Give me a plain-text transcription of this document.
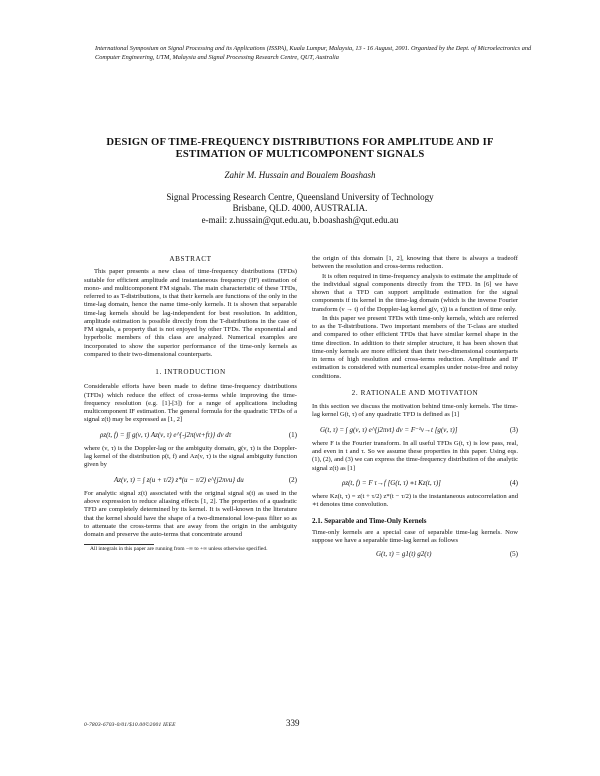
International Symposium on Signal Processing and its Applications (ISSPA), Kuala Lumpur, Malaysia, 13 - 16 August, 2001. Organized by the Dept. of Microelectronics and Computer Engineering, UTM, Malaysia and Signal Processing Research Centre, QUT, Australia
DESIGN OF TIME-FREQUENCY DISTRIBUTIONS FOR AMPLITUDE AND IF
ESTIMATION OF MULTICOMPONENT SIGNALS
Zahir M. Hussain and Boualem Boashash
Signal Processing Research Centre, Queensland University of Technology
Brisbane, QLD. 4000, AUSTRALIA.
e-mail: z.hussain@qut.edu.au, b.boashash@qut.edu.au
ABSTRACT

This paper presents a new class of time-frequency distributions (TFDs) suitable for efficient amplitude and instantaneous frequency (IF) estimation of mono- and multicomponent FM signals. The main characteristic of these TFDs, referred to as T-distributions, is that their kernels are functions of the only in the time-lag domain, hence the name time-only kernels. It is shown that separable time-lag kernels should be lag-independent for best resolution. In addition, amplitude estimation is possible directly from the T-distributions in the case of FM signals, a property that is not enjoyed by other TFDs. The exponential and hyperbolic members of this class are analyzed. Numerical examples are incorporated to show the superior performance of the time-only kernels as compared to their two-dimensional counterparts.

1. INTRODUCTION

Considerable efforts have been made to define time-frequency distributions (TFDs) which reduce the effect of cross-terms while improving the time-frequency resolution (e.g. [1]-[3]) for a range of applications including multicomponent IF estimation. The general formula for the quadratic TFDs of a signal z(t) may be expressed as [1, 2]

ρz(t, f) = ∫∫ g(ν, τ) Az(ν, τ) e^{-j2π(νt+fτ)} dν dτ	(1)

where (ν, τ) is the Doppler-lag or the ambiguity domain, g(ν, τ) is the Doppler-lag kernel of the distribution ρ(t, f) and Az(ν, τ) is the signal ambiguity function given by

Az(ν, τ) = ∫ z(u + τ/2) z*(u − τ/2) e^{j2πνu} du	(2)

For analytic signal z(t) associated with the original signal s(t) as used in the above expression to reduce aliasing effects [1, 2]. The properties of a quadratic TFD are completely determined by its kernel. It is well-known in the literature that the kernel should have the shape of a two-dimensional low-pass filter so as to attenuate the cross-terms that are away from the origin in the ambiguity domain and preserve the auto-terms that concentrate around

All integrals in this paper are running from −∞ to +∞ unless otherwise specified.

the origin of this domain [1, 2], knowing that there is always a tradeoff between the resolution and cross-terms reduction.

It is often required in time-frequency analysis to estimate the amplitude of the individual signal components directly from the TFD. In [6] we have shown that a TFD can support amplitude estimation for the signal components if its kernel in the time-lag domain (which is the inverse Fourier transform (ν → t) of the Doppler-lag kernel g(ν, τ)) is a function of time only.

In this paper we present TFDs with time-only kernels, which are referred to as the T-distributions. Two important members of the T-class are studied and compared to other efficient TFDs that have similar kernel shape in the time direction. In addition to their simpler structure, it has been shown that time-only kernels are more efficient than their two-dimensional counterparts in terms of high resolution and cross-terms reduction. Amplitude and IF estimation is considered with numerical examples under noise-free and noisy conditions.

2. RATIONALE AND MOTIVATION

In this section we discuss the motivation behind time-only kernels. The time-lag kernel G(t, τ) of any quadratic TFD is defined as [1]

G(t, τ) = ∫ g(ν, τ) e^{j2πνt} dν = F⁻¹ν→t [g(ν, τ)]	(3)

where F is the Fourier transform. In all useful TFDs G(t, τ) is low pass, real, and even in t and τ. So we assume these properties in this paper. Using eqs.(1), (2), and (3) we can express the time-frequency distribution of the analytic signal z(t) as [1]

ρz(t, f) = F τ→f [G(t, τ) ∗t Kz(t, τ)]	(4)

where Kz(t, τ) = z(t + τ/2) z*(t − τ/2) is the instantaneous autocorrelation and ∗t denotes time convolution.

2.1. Separable and Time-Only Kernels

Time-only kernels are a special case of separable time-lag kernels. Now suppose we have a separable time-lag kernel as follows

G(t, τ) = g1(t) g2(τ)	(5)
0-7803-6703-0/01/$10.00©2001 IEEE	339
